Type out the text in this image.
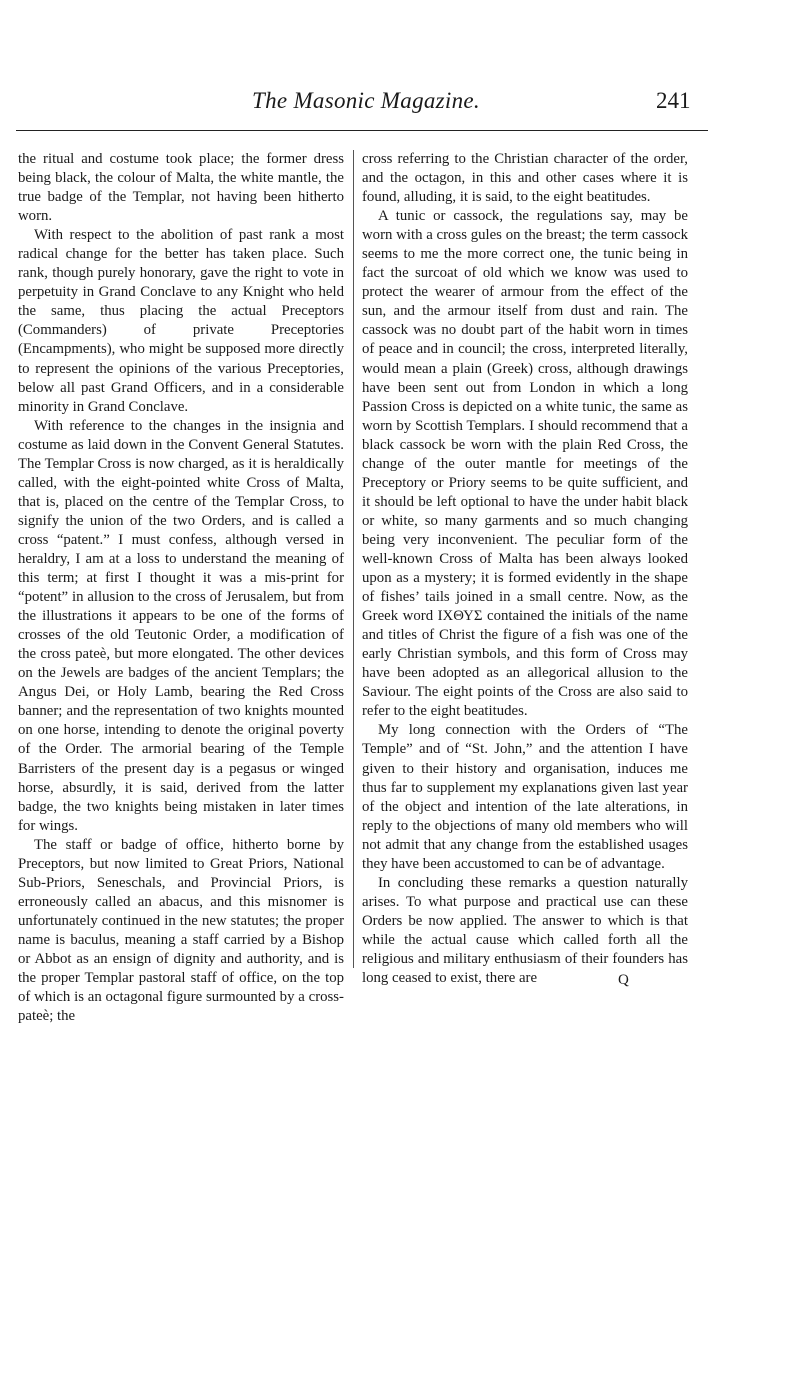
The Masonic Magazine.	241

the ritual and costume took place; the former dress being black, the colour of Malta, the white mantle, the true badge of the Templar, not having been hitherto worn.

With respect to the abolition of past rank a most radical change for the better has taken place. Such rank, though purely honorary, gave the right to vote in perpetuity in Grand Conclave to any Knight who held the same, thus placing the actual Preceptors (Commanders) of private Preceptories (Encampments), who might be supposed more directly to represent the opinions of the various Preceptories, below all past Grand Officers, and in a considerable minority in Grand Conclave.

With reference to the changes in the insignia and costume as laid down in the Convent General Statutes. The Templar Cross is now charged, as it is heraldically called, with the eight-pointed white Cross of Malta, that is, placed on the centre of the Templar Cross, to signify the union of the two Orders, and is called a cross “patent.” I must confess, although versed in heraldry, I am at a loss to understand the meaning of this term; at first I thought it was a mis-print for “potent” in allusion to the cross of Jerusalem, but from the illustrations it appears to be one of the forms of crosses of the old Teutonic Order, a modification of the cross pateè, but more elongated. The other devices on the Jewels are badges of the ancient Templars; the Angus Dei, or Holy Lamb, bearing the Red Cross banner; and the representation of two knights mounted on one horse, intending to denote the original poverty of the Order. The armorial bearing of the Temple Barristers of the present day is a pegasus or winged horse, absurdly, it is said, derived from the latter badge, the two knights being mistaken in later times for wings.

The staff or badge of office, hitherto borne by Preceptors, but now limited to Great Priors, National Sub-Priors, Seneschals, and Provincial Priors, is erroneously called an abacus, and this misnomer is unfortunately continued in the new statutes; the proper name is baculus, meaning a staff carried by a Bishop or Abbot as an ensign of dignity and authority, and is the proper Templar pastoral staff of office, on the top of which is an octagonal figure surmounted by a cross-pateè; the

cross referring to the Christian character of the order, and the octagon, in this and other cases where it is found, alluding, it is said, to the eight beatitudes.

A tunic or cassock, the regulations say, may be worn with a cross gules on the breast; the term cassock seems to me the more correct one, the tunic being in fact the surcoat of old which we know was used to protect the wearer of armour from the effect of the sun, and the armour itself from dust and rain. The cassock was no doubt part of the habit worn in times of peace and in council; the cross, interpreted literally, would mean a plain (Greek) cross, although drawings have been sent out from London in which a long Passion Cross is depicted on a white tunic, the same as worn by Scottish Templars. I should recommend that a black cassock be worn with the plain Red Cross, the change of the outer mantle for meetings of the Preceptory or Priory seems to be quite sufficient, and it should be left optional to have the under habit black or white, so many garments and so much changing being very inconvenient. The peculiar form of the well-known Cross of Malta has been always looked upon as a mystery; it is formed evidently in the shape of fishes’ tails joined in a small centre. Now, as the Greek word ΙΧΘΥΣ contained the initials of the name and titles of Christ the figure of a fish was one of the early Christian symbols, and this form of Cross may have been adopted as an allegorical allusion to the Saviour. The eight points of the Cross are also said to refer to the eight beatitudes.

My long connection with the Orders of “The Temple” and of “St. John,” and the attention I have given to their history and organisation, induces me thus far to supplement my explanations given last year of the object and intention of the late alterations, in reply to the objections of many old members who will not admit that any change from the established usages they have been accustomed to can be of advantage.

In concluding these remarks a question naturally arises. To what purpose and practical use can these Orders be now applied. The answer to which is that while the actual cause which called forth all the religious and military enthusiasm of their founders has long ceased to exist, there are	Q
